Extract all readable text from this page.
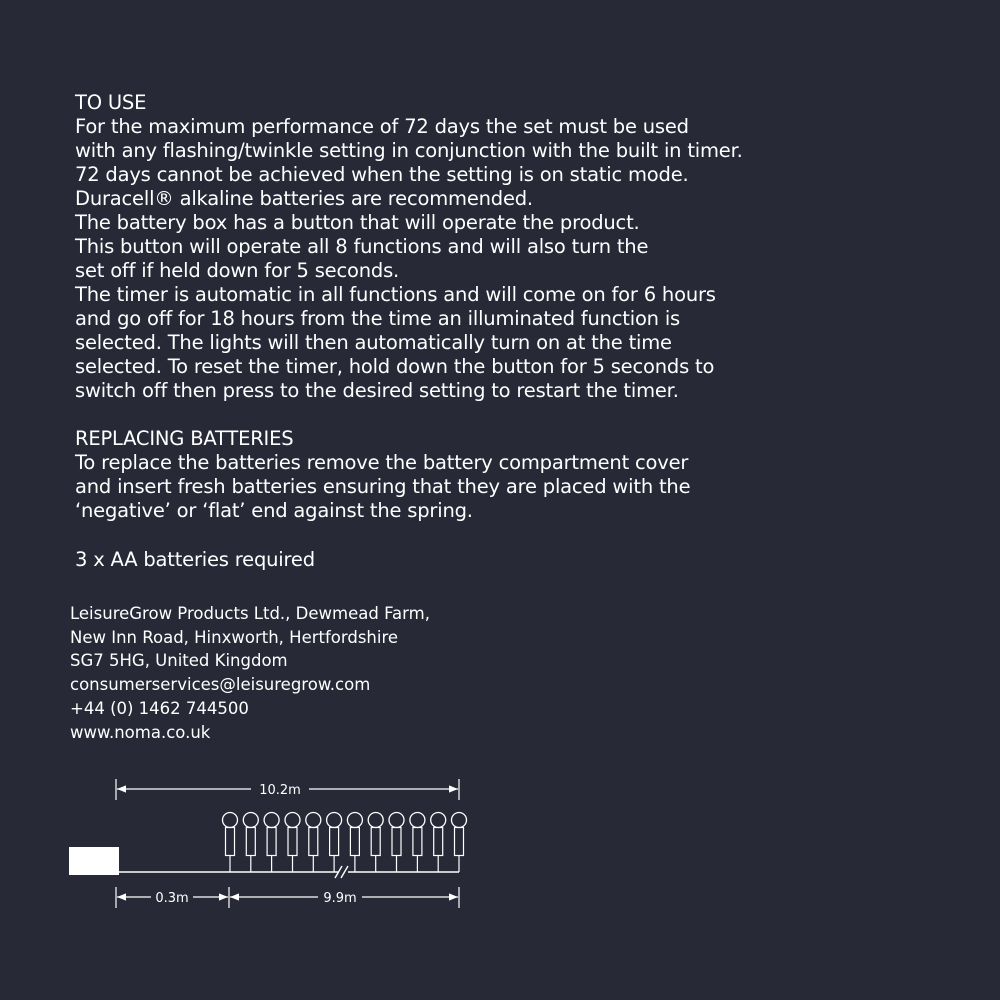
TO USE
For the maximum performance of 72 days the set must be used
with any flashing/twinkle setting in conjunction with the built in timer.
72 days cannot be achieved when the setting is on static mode.
Duracell® alkaline batteries are recommended.
The battery box has a button that will operate the product.
This button will operate all 8 functions and will also turn the
set off if held down for 5 seconds.
The timer is automatic in all functions and will come on for 6 hours
and go off for 18 hours from the time an illuminated function is
selected. The lights will then automatically turn on at the time
selected. To reset the timer, hold down the button for 5 seconds to
switch off then press to the desired setting to restart the timer.
REPLACING BATTERIES
To replace the batteries remove the battery compartment cover
and insert fresh batteries ensuring that they are placed with the
‘negative’ or ‘flat’ end against the spring.
3 x AA batteries required
LeisureGrow Products Ltd., Dewmead Farm,
New Inn Road, Hinxworth, Hertfordshire
SG7 5HG, United Kingdom
consumerservices@leisuregrow.com
+44 (0) 1462 744500
www.noma.co.uk
10.2m
0.3m	9.9m
